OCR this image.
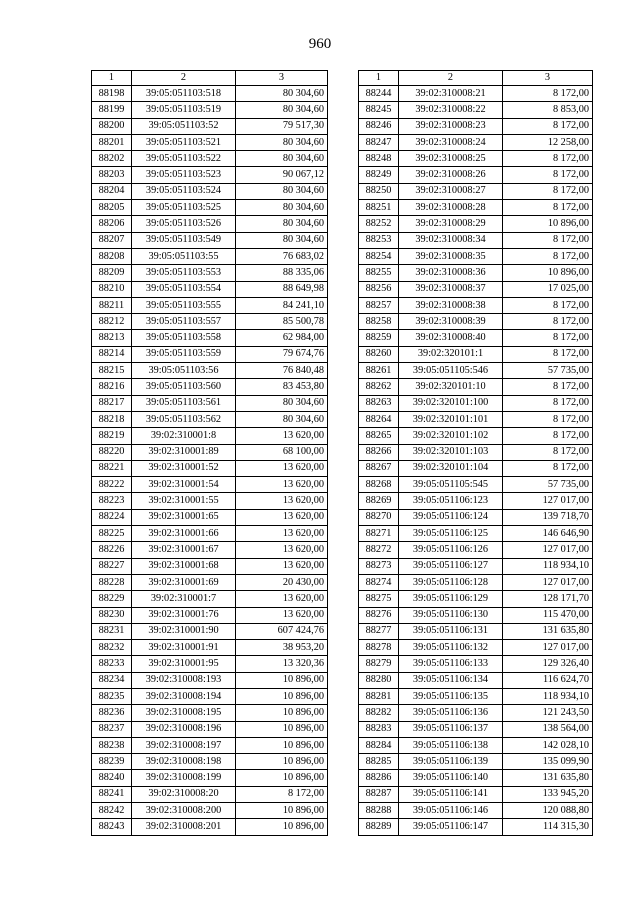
960
1	2	3
88198	39:05:051103:518	80 304,60
88199	39:05:051103:519	80 304,60
88200	39:05:051103:52	79 517,30
88201	39:05:051103:521	80 304,60
88202	39:05:051103:522	80 304,60
88203	39:05:051103:523	90 067,12
88204	39:05:051103:524	80 304,60
88205	39:05:051103:525	80 304,60
88206	39:05:051103:526	80 304,60
88207	39:05:051103:549	80 304,60
88208	39:05:051103:55	76 683,02
88209	39:05:051103:553	88 335,06
88210	39:05:051103:554	88 649,98
88211	39:05:051103:555	84 241,10
88212	39:05:051103:557	85 500,78
88213	39:05:051103:558	62 984,00
88214	39:05:051103:559	79 674,76
88215	39:05:051103:56	76 840,48
88216	39:05:051103:560	83 453,80
88217	39:05:051103:561	80 304,60
88218	39:05:051103:562	80 304,60
88219	39:02:310001:8	13 620,00
88220	39:02:310001:89	68 100,00
88221	39:02:310001:52	13 620,00
88222	39:02:310001:54	13 620,00
88223	39:02:310001:55	13 620,00
88224	39:02:310001:65	13 620,00
88225	39:02:310001:66	13 620,00
88226	39:02:310001:67	13 620,00
88227	39:02:310001:68	13 620,00
88228	39:02:310001:69	20 430,00
88229	39:02:310001:7	13 620,00
88230	39:02:310001:76	13 620,00
88231	39:02:310001:90	607 424,76
88232	39:02:310001:91	38 953,20
88233	39:02:310001:95	13 320,36
88234	39:02:310008:193	10 896,00
88235	39:02:310008:194	10 896,00
88236	39:02:310008:195	10 896,00
88237	39:02:310008:196	10 896,00
88238	39:02:310008:197	10 896,00
88239	39:02:310008:198	10 896,00
88240	39:02:310008:199	10 896,00
88241	39:02:310008:20	8 172,00
88242	39:02:310008:200	10 896,00
88243	39:02:310008:201	10 896,00
1	2	3
88244	39:02:310008:21	8 172,00
88245	39:02:310008:22	8 853,00
88246	39:02:310008:23	8 172,00
88247	39:02:310008:24	12 258,00
88248	39:02:310008:25	8 172,00
88249	39:02:310008:26	8 172,00
88250	39:02:310008:27	8 172,00
88251	39:02:310008:28	8 172,00
88252	39:02:310008:29	10 896,00
88253	39:02:310008:34	8 172,00
88254	39:02:310008:35	8 172,00
88255	39:02:310008:36	10 896,00
88256	39:02:310008:37	17 025,00
88257	39:02:310008:38	8 172,00
88258	39:02:310008:39	8 172,00
88259	39:02:310008:40	8 172,00
88260	39:02:320101:1	8 172,00
88261	39:05:051105:546	57 735,00
88262	39:02:320101:10	8 172,00
88263	39:02:320101:100	8 172,00
88264	39:02:320101:101	8 172,00
88265	39:02:320101:102	8 172,00
88266	39:02:320101:103	8 172,00
88267	39:02:320101:104	8 172,00
88268	39:05:051105:545	57 735,00
88269	39:05:051106:123	127 017,00
88270	39:05:051106:124	139 718,70
88271	39:05:051106:125	146 646,90
88272	39:05:051106:126	127 017,00
88273	39:05:051106:127	118 934,10
88274	39:05:051106:128	127 017,00
88275	39:05:051106:129	128 171,70
88276	39:05:051106:130	115 470,00
88277	39:05:051106:131	131 635,80
88278	39:05:051106:132	127 017,00
88279	39:05:051106:133	129 326,40
88280	39:05:051106:134	116 624,70
88281	39:05:051106:135	118 934,10
88282	39:05:051106:136	121 243,50
88283	39:05:051106:137	138 564,00
88284	39:05:051106:138	142 028,10
88285	39:05:051106:139	135 099,90
88286	39:05:051106:140	131 635,80
88287	39:05:051106:141	133 945,20
88288	39:05:051106:146	120 088,80
88289	39:05:051106:147	114 315,30
